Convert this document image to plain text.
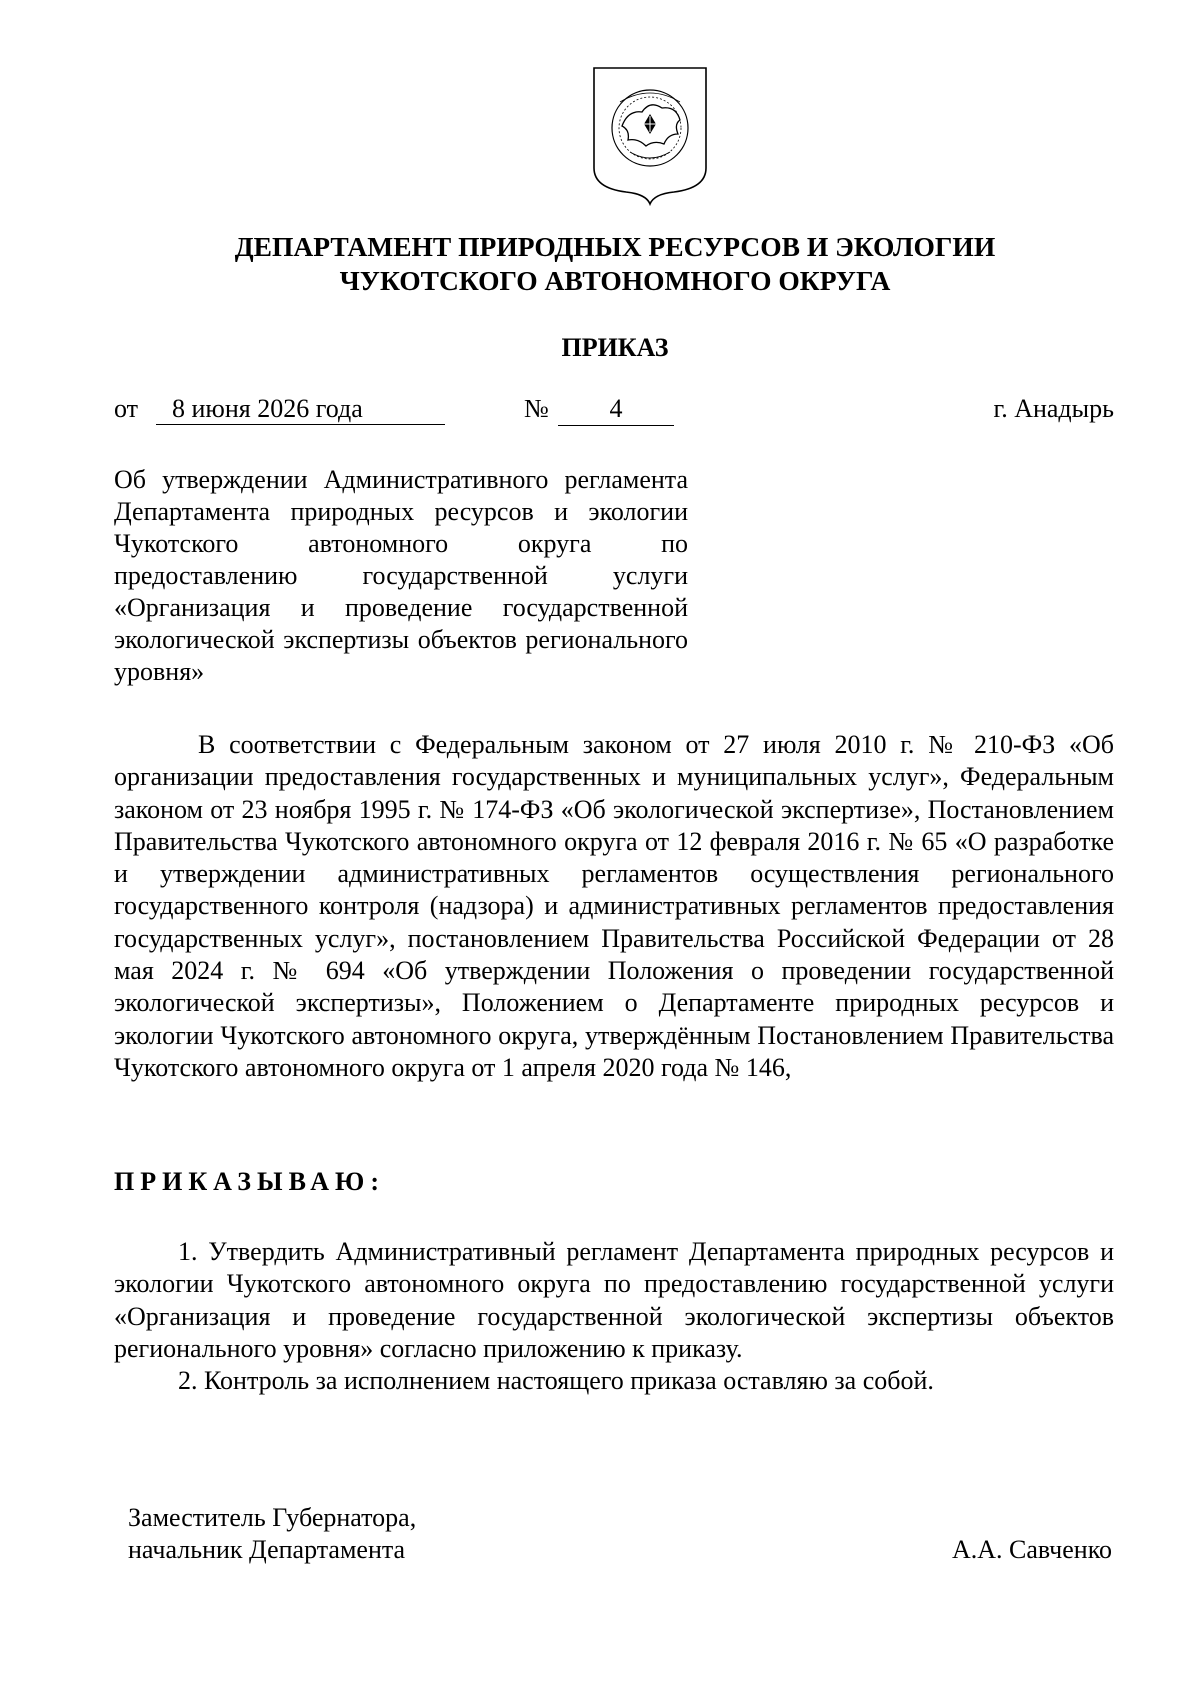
ДЕПАРТАМЕНТ ПРИРОДНЫХ РЕСУРСОВ И ЭКОЛОГИИ
ЧУКОТСКОГО АВТОНОМНОГО ОКРУГА
ПРИКАЗ
от	8 июня 2026 года	№	4	г. Анадырь
Об утверждении Административного регламента Департамента природных ресурсов и экологии Чукотского автономного округа по предоставлению государственной услуги «Организация и проведение государственной экологической экспертизы объектов регионального уровня»
В соответствии с Федеральным законом от 27 июля 2010 г. № 210-ФЗ «Об организации предоставления государственных и муниципальных услуг», Федеральным законом от 23 ноября 1995 г. № 174-ФЗ «Об экологической экспертизе», Постановлением Правительства Чукотского автономного округа от 12 февраля 2016 г. № 65 «О разработке и утверждении административных регламентов осуществления регионального государственного контроля (надзора) и административных регламентов предоставления государственных услуг», постановлением Правительства Российской Федерации от 28 мая 2024 г. № 694 «Об утверждении Положения о проведении государственной экологической экспертизы», Положением о Департаменте природных ресурсов и экологии Чукотского автономного округа, утверждённым Постановлением Правительства Чукотского автономного округа от 1 апреля 2020 года № 146,
ПРИКАЗЫВАЮ:

1. Утвердить Административный регламент Департамента природных ресурсов и экологии Чукотского автономного округа по предоставлению государственной услуги «Организация и проведение государственной экологической экспертизы объектов регионального уровня» согласно приложению к приказу.

2. Контроль за исполнением настоящего приказа оставляю за собой.

Заместитель Губернатора,
начальник Департамента	А.А. Савченко
